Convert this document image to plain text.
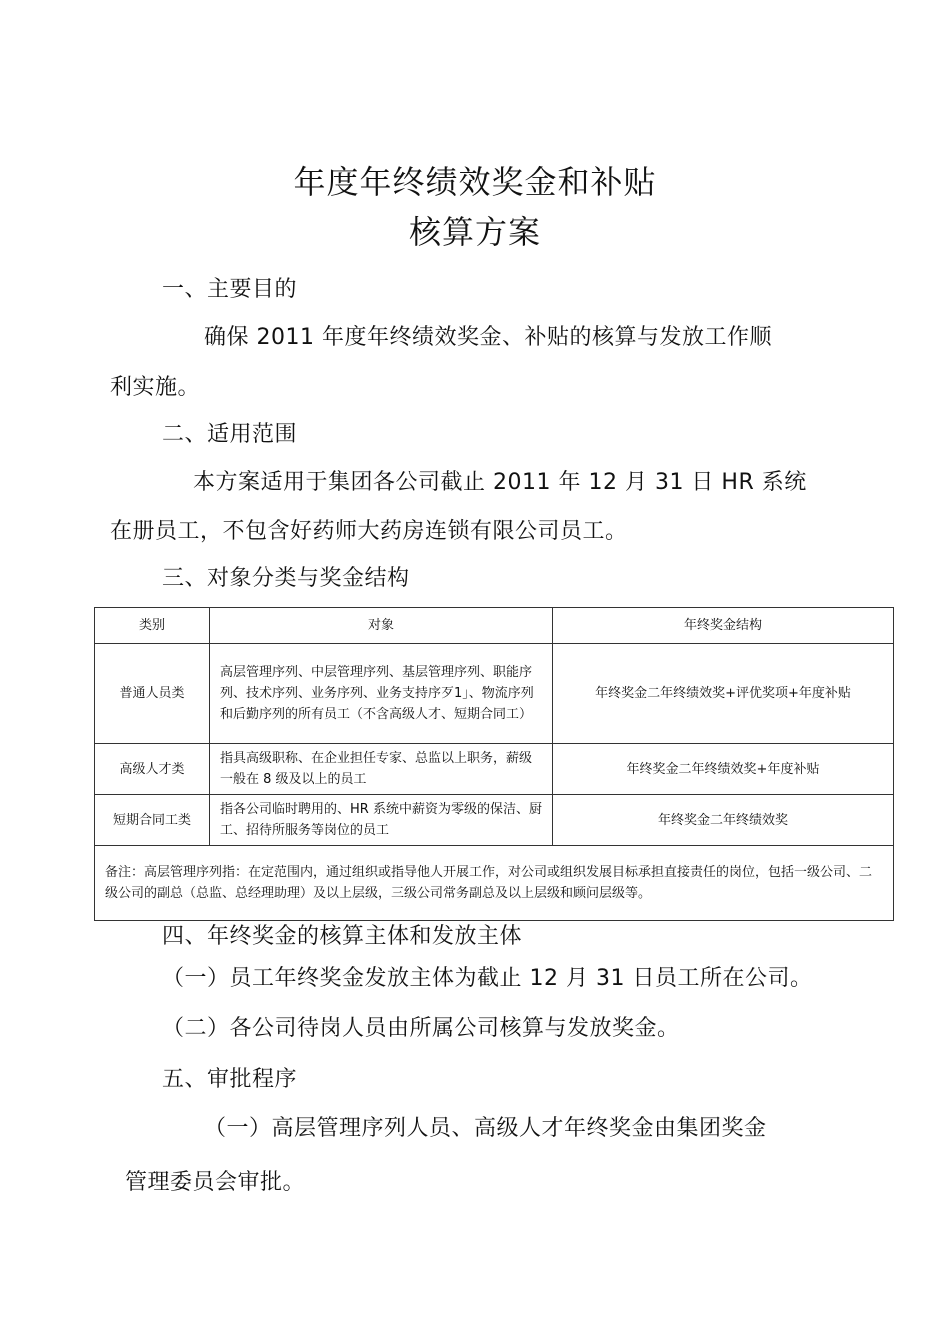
年度年终绩效奖金和补贴
核算方案
一、主要目的
确保 2011 年度年终绩效奖金、补贴的核算与发放工作顺
利实施。
二、适用范围
本方案适用于集团各公司截止 2011 年 12 月 31 日 HR 系统
在册员工，不包含好药师大药房连锁有限公司员工。
三、对象分类与奖金结构
类别	对象	年终奖金结构
普通人员类	高层管理序列、中层管理序列、基层管理序列、职能序列、技术序列、业务序列、业务支持序歹1」、物流序列和后勤序列的所有员工（不含高级人才、短期合同工）	年终奖金二年终绩效奖+评优奖项+年度补贴
高级人才类	指具高级职称、在企业担任专家、总监以上职务，薪级一般在 8 级及以上的员工	年终奖金二年终绩效奖+年度补贴
短期合同工类	指各公司临时聘用的、HR 系统中薪资为零级的保洁、厨工、招待所服务等岗位的员工	年终奖金二年终绩效奖
备注：高层管理序列指：在定范围内，通过组织或指导他人开展工作，对公司或组织发展目标承担直接责任的岗位，包括一级公司、二级公司的副总（总监、总经理助理）及以上层级，三级公司常务副总及以上层级和顾问层级等。		
四、年终奖金的核算主体和发放主体
（一）员工年终奖金发放主体为截止 12 月 31 日员工所在公司。
（二）各公司待岗人员由所属公司核算与发放奖金。
五、审批程序
（一）高层管理序列人员、高级人才年终奖金由集团奖金
管理委员会审批。
